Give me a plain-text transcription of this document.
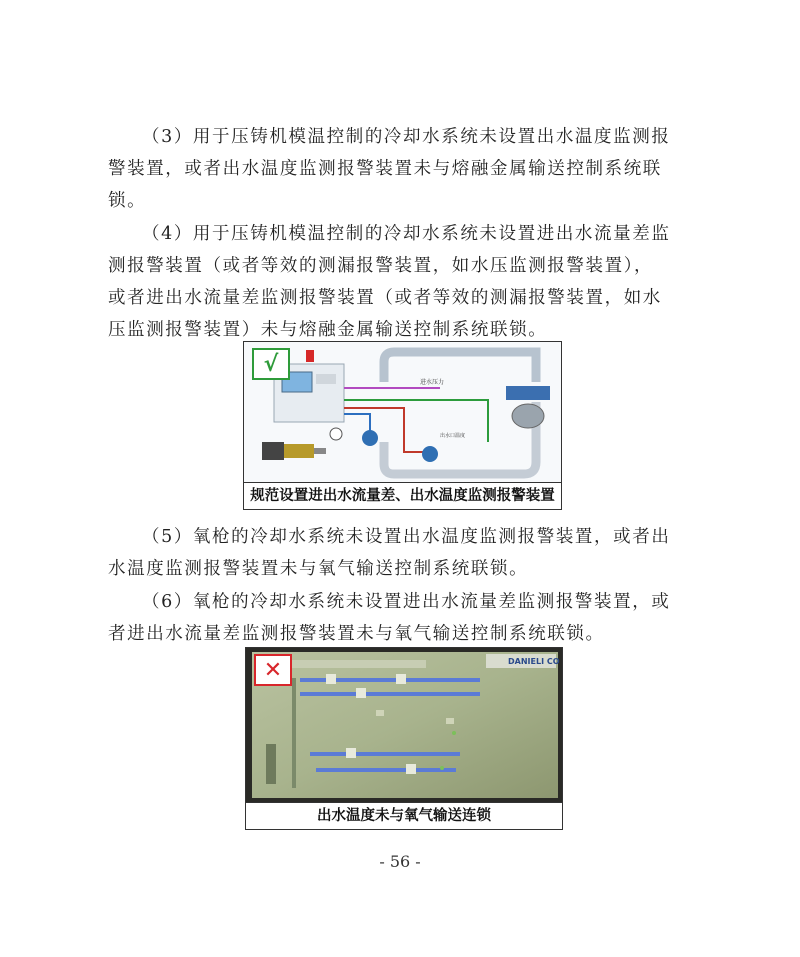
（3）用于压铸机模温控制的冷却水系统未设置出水温度监测报
警装置，或者出水温度监测报警装置未与熔融金属输送控制系统联
锁。
（4）用于压铸机模温控制的冷却水系统未设置进出水流量差监
测报警装置（或者等效的测漏报警装置，如水压监测报警装置），
或者进出水流量差监测报警装置（或者等效的测漏报警装置，如水
压监测报警装置）未与熔融金属输送控制系统联锁。
进水压力
出水口温度
√
规范设置进出水流量差、出水温度监测报警装置
（5）氧枪的冷却水系统未设置出水温度监测报警装置，或者出
水温度监测报警装置未与氧气输送控制系统联锁。
（6）氧枪的冷却水系统未设置进出水流量差监测报警装置，或
者进出水流量差监测报警装置未与氧气输送控制系统联锁。
DANIELI CO
✕
出水温度未与氧气输送连锁
- 56 -
